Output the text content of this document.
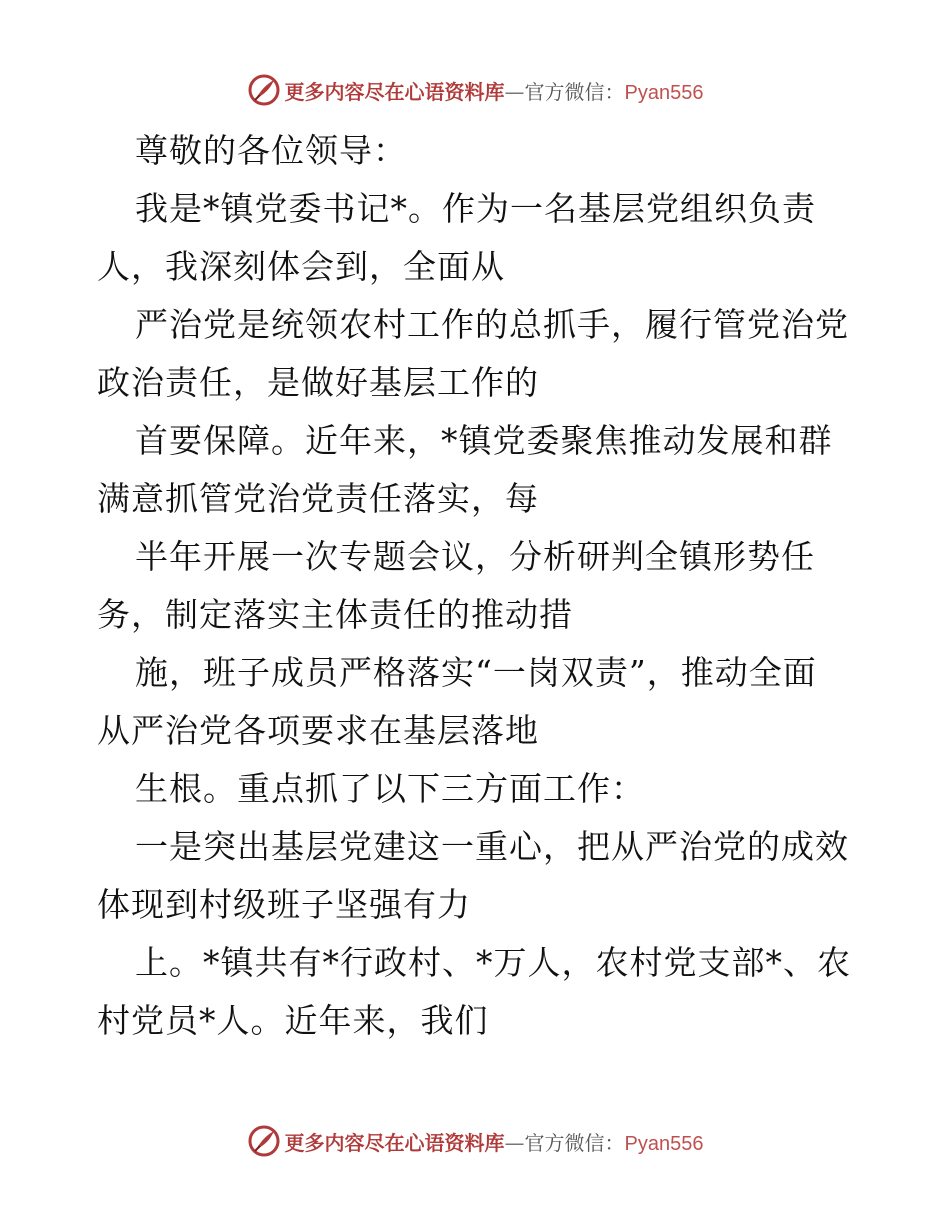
更多内容尽在心语资料库—官方微信：Pyan556
尊敬的各位领导：
我是*镇党委书记*。作为一名基层党组织负责
人，我深刻体会到，全面从
严治党是统领农村工作的总抓手，履行管党治党
政治责任，是做好基层工作的
首要保障。近年来，*镇党委聚焦推动发展和群
满意抓管党治党责任落实，每
半年开展一次专题会议，分析研判全镇形势任
务，制定落实主体责任的推动措
施，班子成员严格落实“一岗双责”，推动全面
从严治党各项要求在基层落地
生根。重点抓了以下三方面工作：
一是突出基层党建这一重心，把从严治党的成效
体现到村级班子坚强有力
上。*镇共有*行政村、*万人，农村党支部*、农
村党员*人。近年来，我们
更多内容尽在心语资料库—官方微信：Pyan556
